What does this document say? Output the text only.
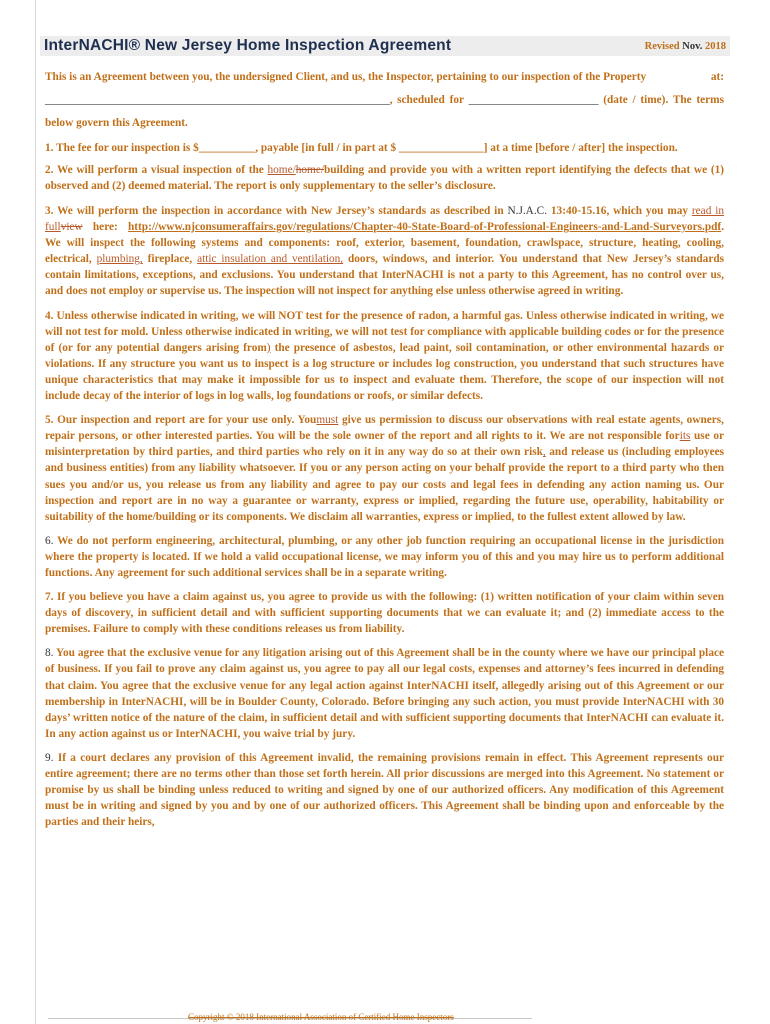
InterNACHI® New Jersey Home Inspection Agreement	Revised Nov. 2018

This is an Agreement between you, the undersigned Client, and us, the Inspector, pertaining to our inspection of the Property	at:

_____________________________________________________________, scheduled for _______________________ (date / time). The terms below govern this Agreement.

1. The fee for our inspection is $__________, payable [in full / in part at $ _______________] at a time [before / after] the inspection.

2. We will perform a visual inspection of the home/home/building and provide you with a written report identifying the defects that we (1) observed and (2) deemed material. The report is only supplementary to the seller’s disclosure.

3. We will perform the inspection in accordance with New Jersey’s standards as described in N.J.A.C. 13:40-15.16, which you may read in fullview here: http://www.njconsumeraffairs.gov/regulations/Chapter-40-State-Board-of-Professional-Engineers-and-Land-Surveyors.pdf. We will inspect the following systems and components: roof, exterior, basement, foundation, crawlspace, structure, heating, cooling, electrical, plumbing, fireplace, attic insulation and ventilation, doors, windows, and interior. You understand that New Jersey’s standards contain limitations, exceptions, and exclusions. You understand that InterNACHI is not a party to this Agreement, has no control over us, and does not employ or supervise us. The inspection will not inspect for anything else unless otherwise agreed in writing.

4. Unless otherwise indicated in writing, we will NOT test for the presence of radon, a harmful gas. Unless otherwise indicated in writing, we will not test for mold. Unless otherwise indicated in writing, we will not test for compliance with applicable building codes or for the presence of (or for any potential dangers arising from) the presence of asbestos, lead paint, soil contamination, or other environmental hazards or violations. If any structure you want us to inspect is a log structure or includes log construction, you understand that such structures have unique characteristics that may make it impossible for us to inspect and evaluate them. Therefore, the scope of our inspection will not include decay of the interior of logs in log walls, log foundations or roofs, or similar defects.

5. Our inspection and report are for your use only. Youmust give us permission to discuss our observations with real estate agents, owners, repair persons, or other interested parties. You will be the sole owner of the report and all rights to it. We are not responsible forits use or misinterpretation by third parties, and third parties who rely on it in any way do so at their own risk, and release us (including employees and business entities) from any liability whatsoever. If you or any person acting on your behalf provide the report to a third party who then sues you and/or us, you release us from any liability and agree to pay our costs and legal fees in defending any action naming us. Our inspection and report are in no way a guarantee or warranty, express or implied, regarding the future use, operability, habitability or suitability of the home/building or its components. We disclaim all warranties, express or implied, to the fullest extent allowed by law.

6. We do not perform engineering, architectural, plumbing, or any other job function requiring an occupational license in the jurisdiction where the property is located. If we hold a valid occupational license, we may inform you of this and you may hire us to perform additional functions. Any agreement for such additional services shall be in a separate writing.

7. If you believe you have a claim against us, you agree to provide us with the following: (1) written notification of your claim within seven days of discovery, in sufficient detail and with sufficient supporting documents that we can evaluate it; and (2) immediate access to the premises. Failure to comply with these conditions releases us from liability.

8. You agree that the exclusive venue for any litigation arising out of this Agreement shall be in the county where we have our principal place of business. If you fail to prove any claim against us, you agree to pay all our legal costs, expenses and attorney’s fees incurred in defending that claim. You agree that the exclusive venue for any legal action against InterNACHI itself, allegedly arising out of this Agreement or our membership in InterNACHI, will be in Boulder County, Colorado. Before bringing any such action, you must provide InterNACHI with 30 days’ written notice of the nature of the claim, in sufficient detail and with sufficient supporting documents that InterNACHI can evaluate it. In any action against us or InterNACHI, you waive trial by jury.

9. If a court declares any provision of this Agreement invalid, the remaining provisions remain in effect. This Agreement represents our entire agreement; there are no terms other than those set forth herein. All prior discussions are merged into this Agreement. No statement or promise by us shall be binding unless reduced to writing and signed by one of our authorized officers. Any modification of this Agreement must be in writing and signed by you and by one of our authorized officers. This Agreement shall be binding upon and enforceable by the parties and their heirs,

Copyright © 2018 International Association of Certified Home Inspectors
